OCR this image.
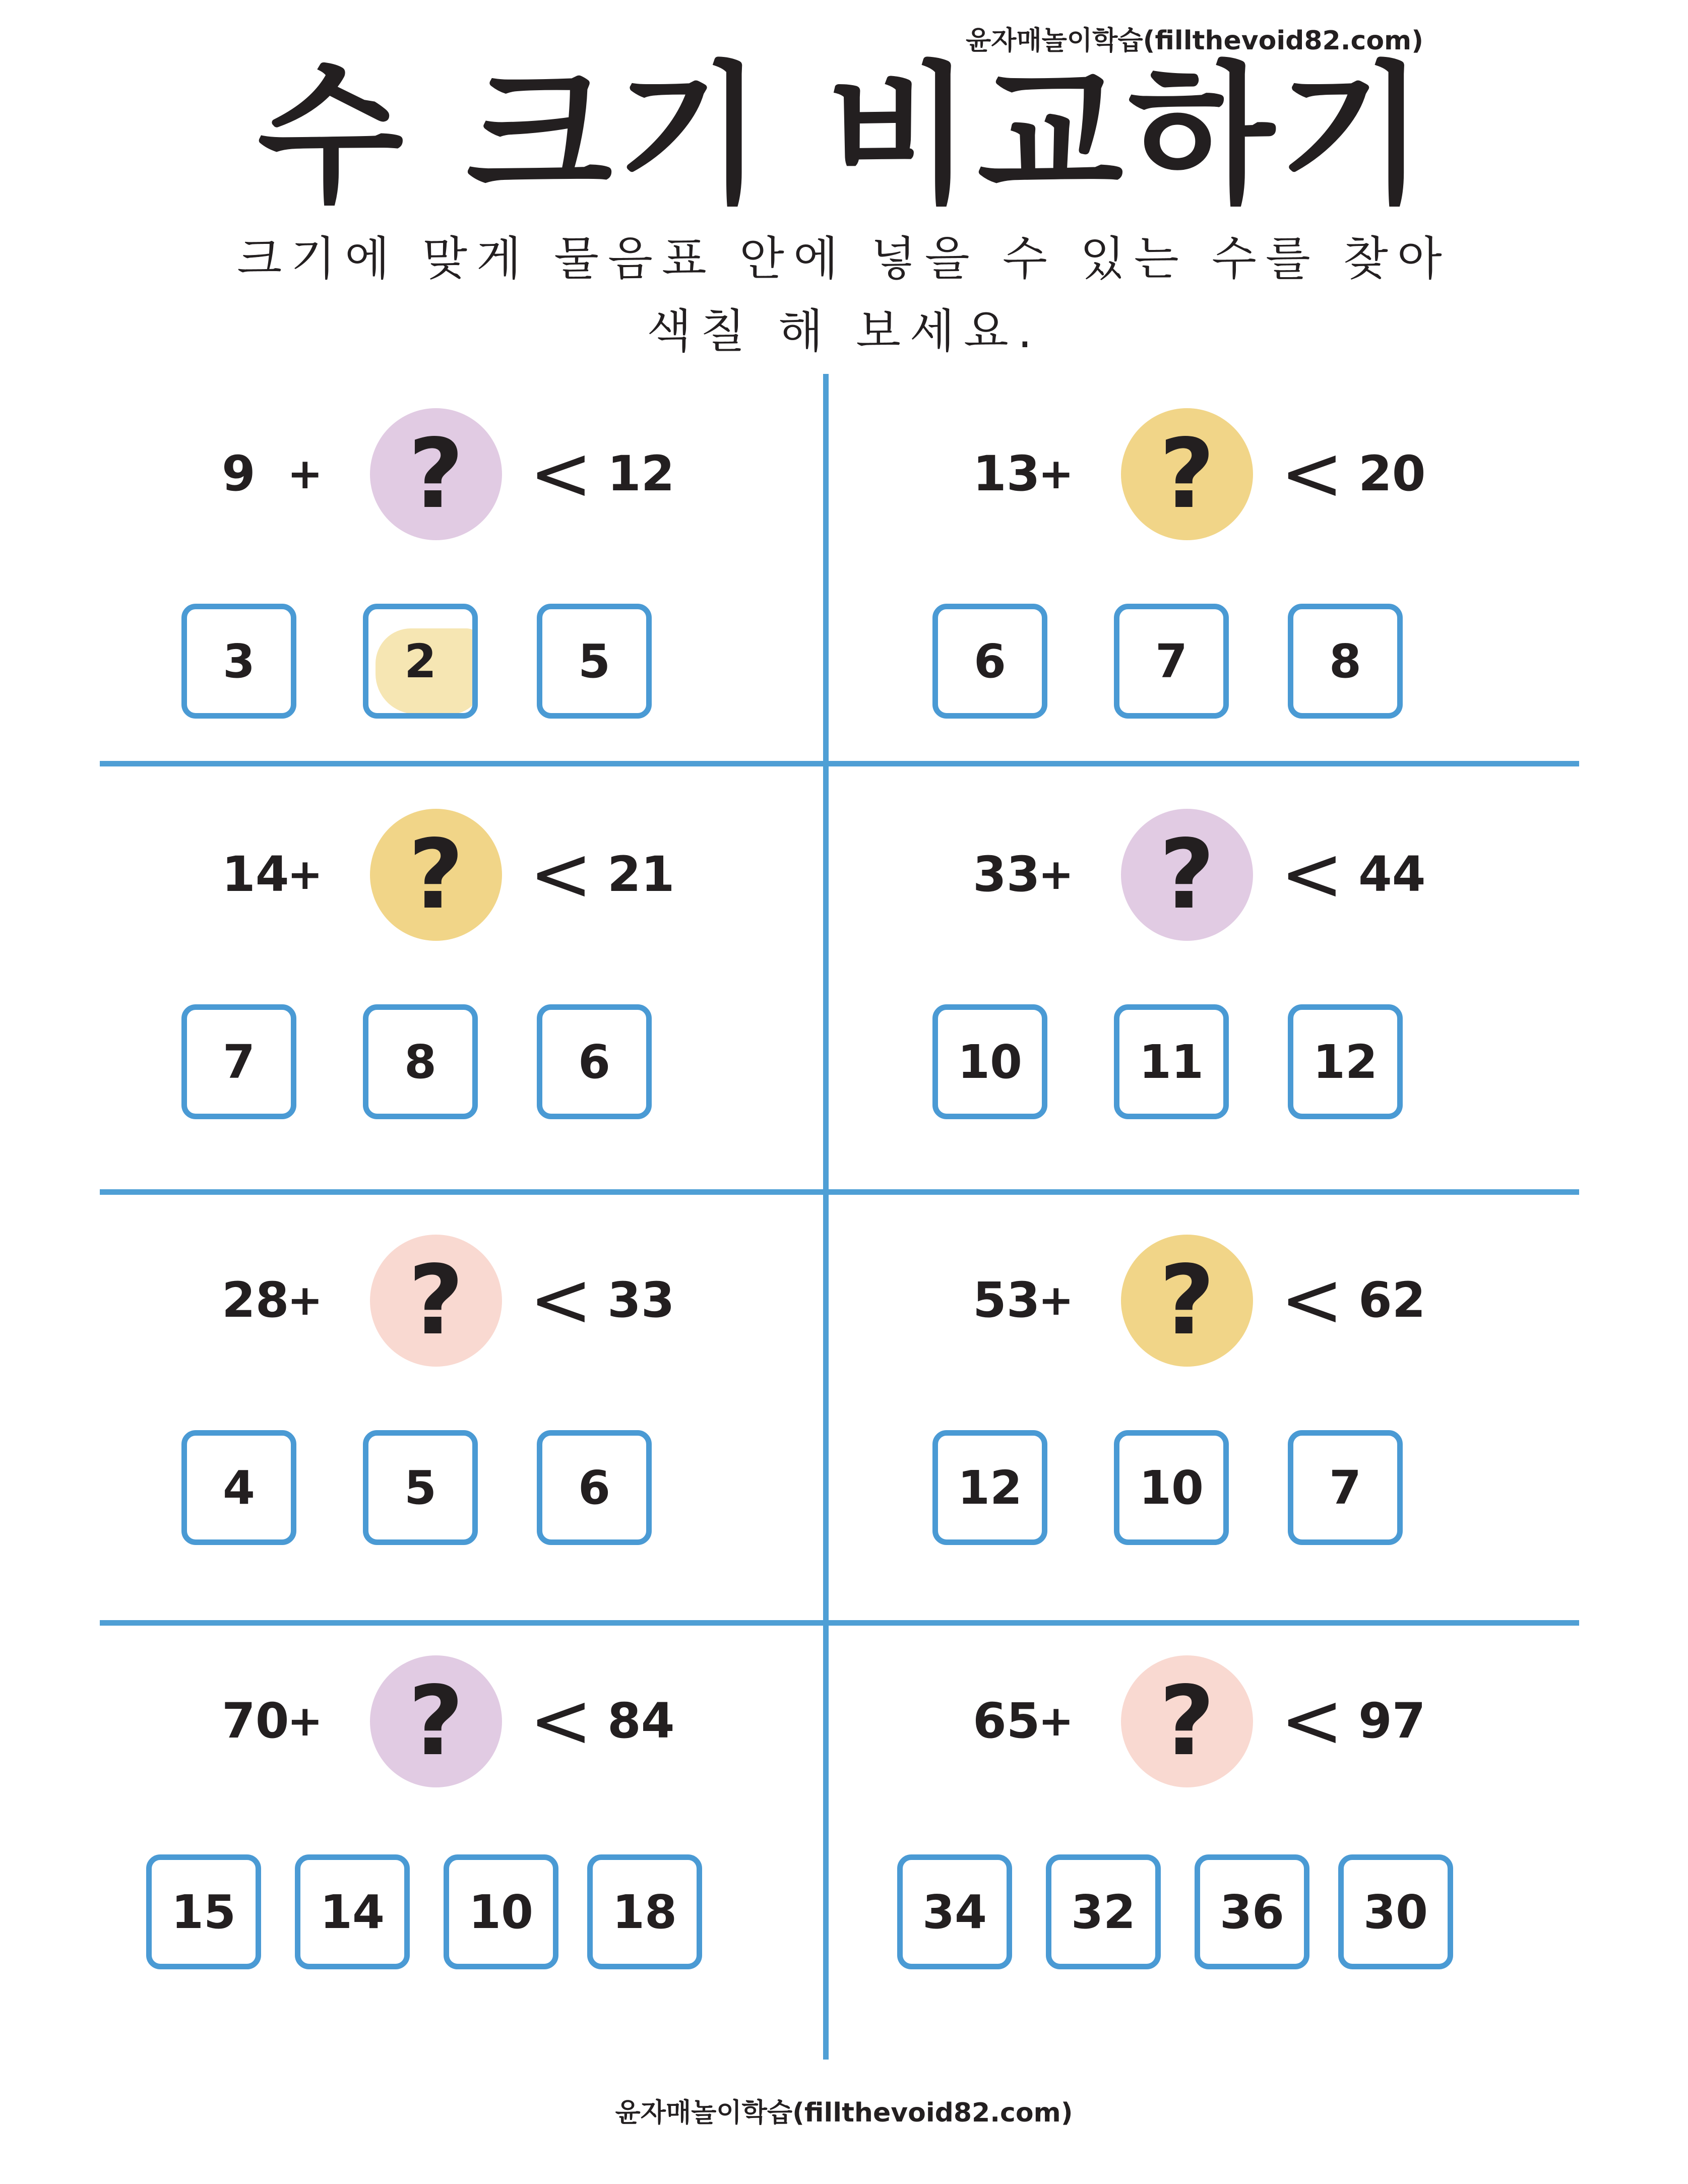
윤자매놀이학습(fillthevoid82.com)
수 크기 비교하기
크기에 맞게 물음표 안에 넣을 수 있는 수를 찾아
색칠 해 보세요.
9 + ? < 12
3	2	5
13
+ ? < 20
6	7	8
14
+ ? < 21
7	8	6
33
+ ? < 44
10	11 12
28
+ ? < 33
4	5	6
53
+ ? < 62
12	10	7
70
+ ? < 84
15 14 10 18
65
+ ? < 97
34 32 36 30
윤자매놀이학습(fillthevoid82.com)
